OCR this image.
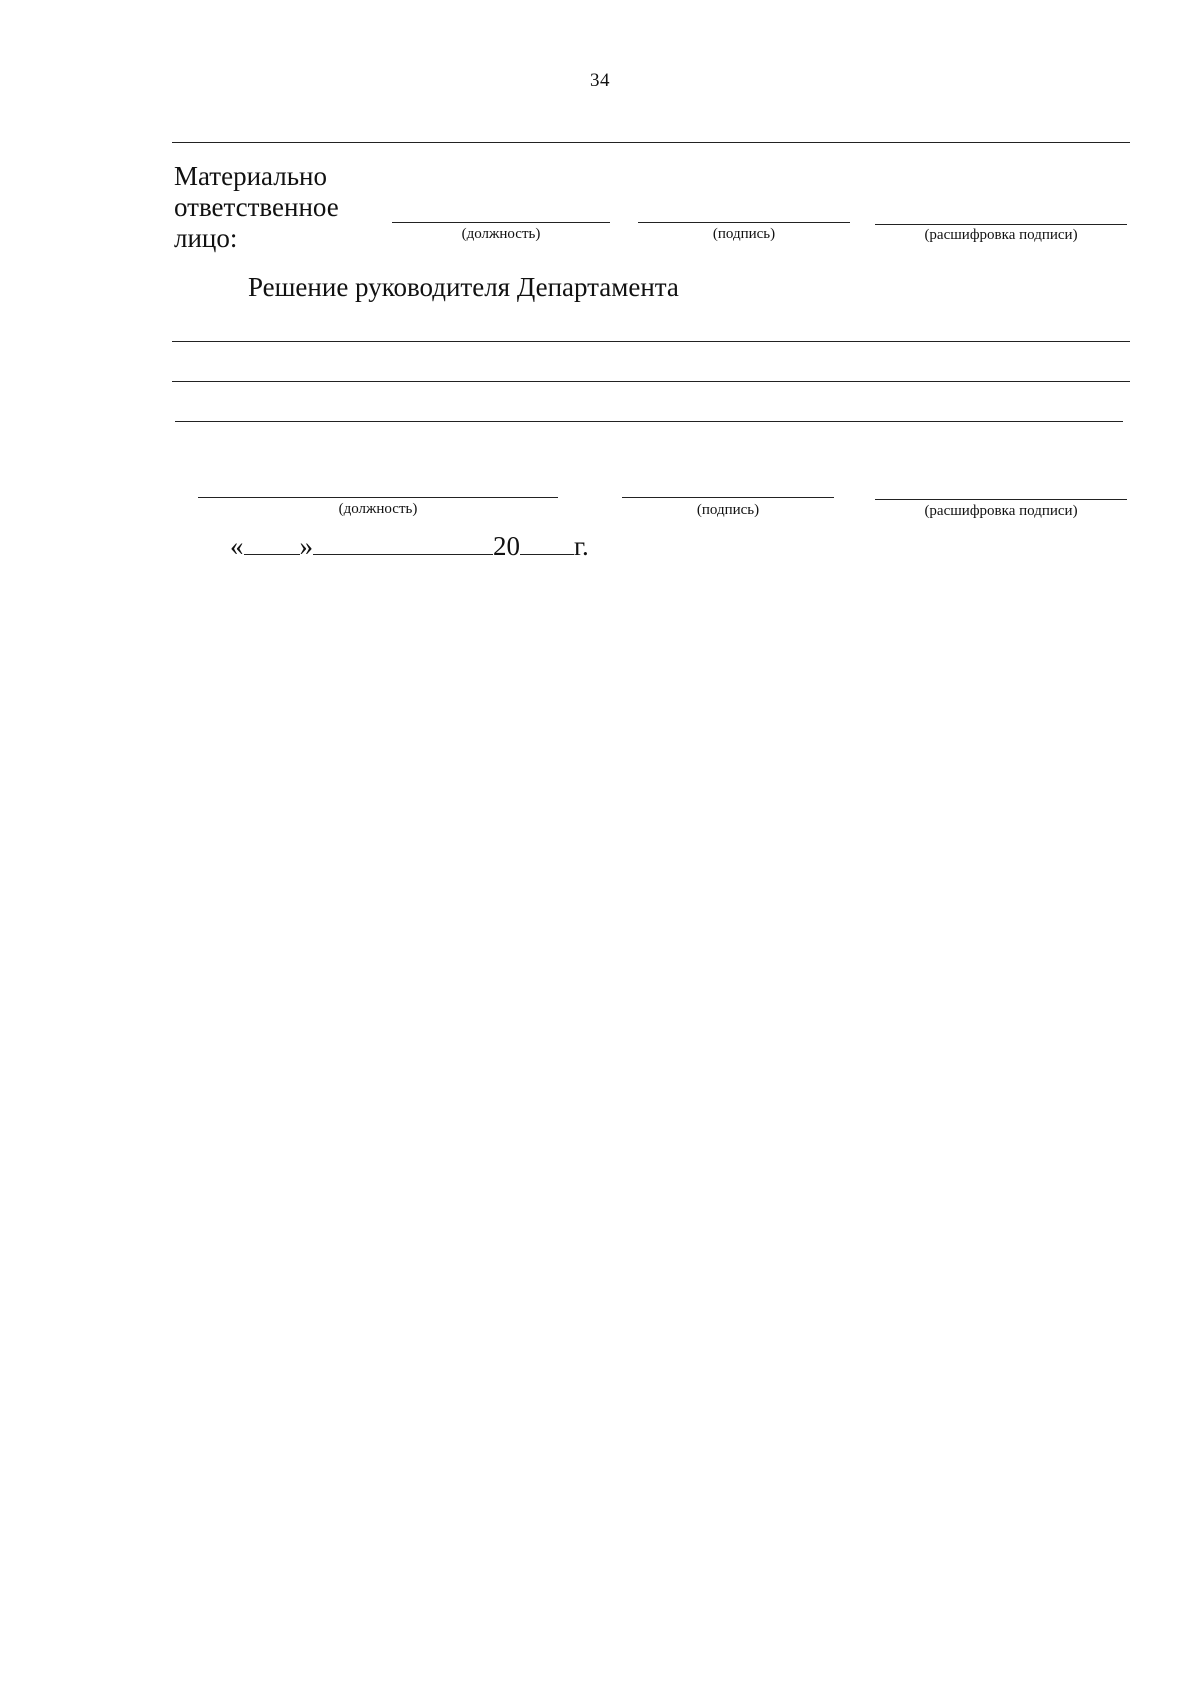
34
Материально
ответственное
лицо:	(должность)	(подпись)	(расшифровка подписи)
Решение руководителя Департамента
(должность)	(подпись)	(расшифровка подписи)
« »	20 г.
